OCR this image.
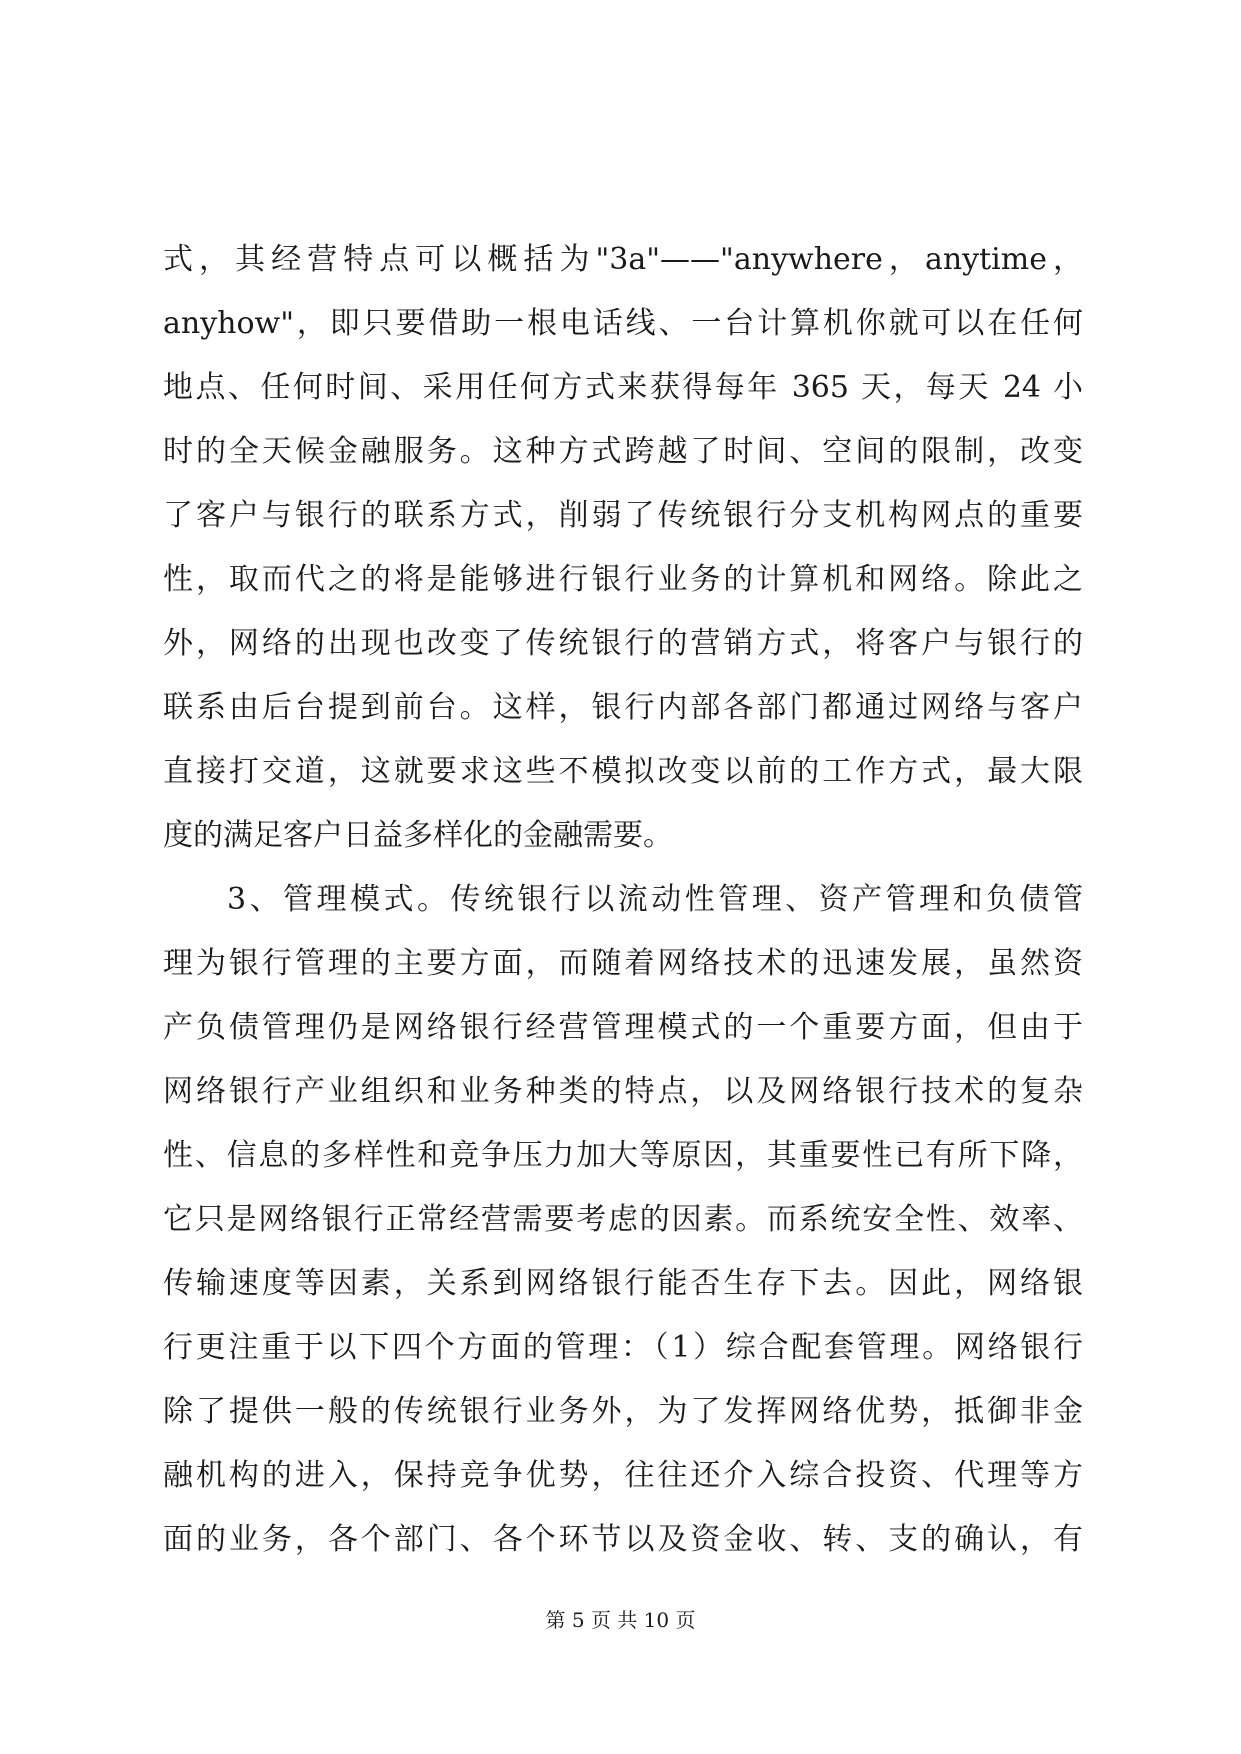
式，其经营特点可以概括为"3a"——"anywhere，anytime，
anyhow"，即只要借助一根电话线、一台计算机你就可以在任何
地点、任何时间、采用任何方式来获得每年 365 天，每天 24 小
时的全天候金融服务。这种方式跨越了时间、空间的限制，改变
了客户与银行的联系方式，削弱了传统银行分支机构网点的重要
性，取而代之的将是能够进行银行业务的计算机和网络。除此之
外，网络的出现也改变了传统银行的营销方式，将客户与银行的
联系由后台提到前台。这样，银行内部各部门都通过网络与客户
直接打交道，这就要求这些不模拟改变以前的工作方式，最大限
度的满足客户日益多样化的金融需要。
3、管理模式。传统银行以流动性管理、资产管理和负债管
理为银行管理的主要方面，而随着网络技术的迅速发展，虽然资
产负债管理仍是网络银行经营管理模式的一个重要方面，但由于
网络银行产业组织和业务种类的特点，以及网络银行技术的复杂
性、信息的多样性和竞争压力加大等原因，其重要性已有所下降，
它只是网络银行正常经营需要考虑的因素。而系统安全性、效率、
传输速度等因素，关系到网络银行能否生存下去。因此，网络银
行更注重于以下四个方面的管理：（1）综合配套管理。网络银行
除了提供一般的传统银行业务外，为了发挥网络优势，抵御非金
融机构的进入，保持竞争优势，往往还介入综合投资、代理等方
面的业务，各个部门、各个环节以及资金收、转、支的确认，有
第 5 页 共 10 页
